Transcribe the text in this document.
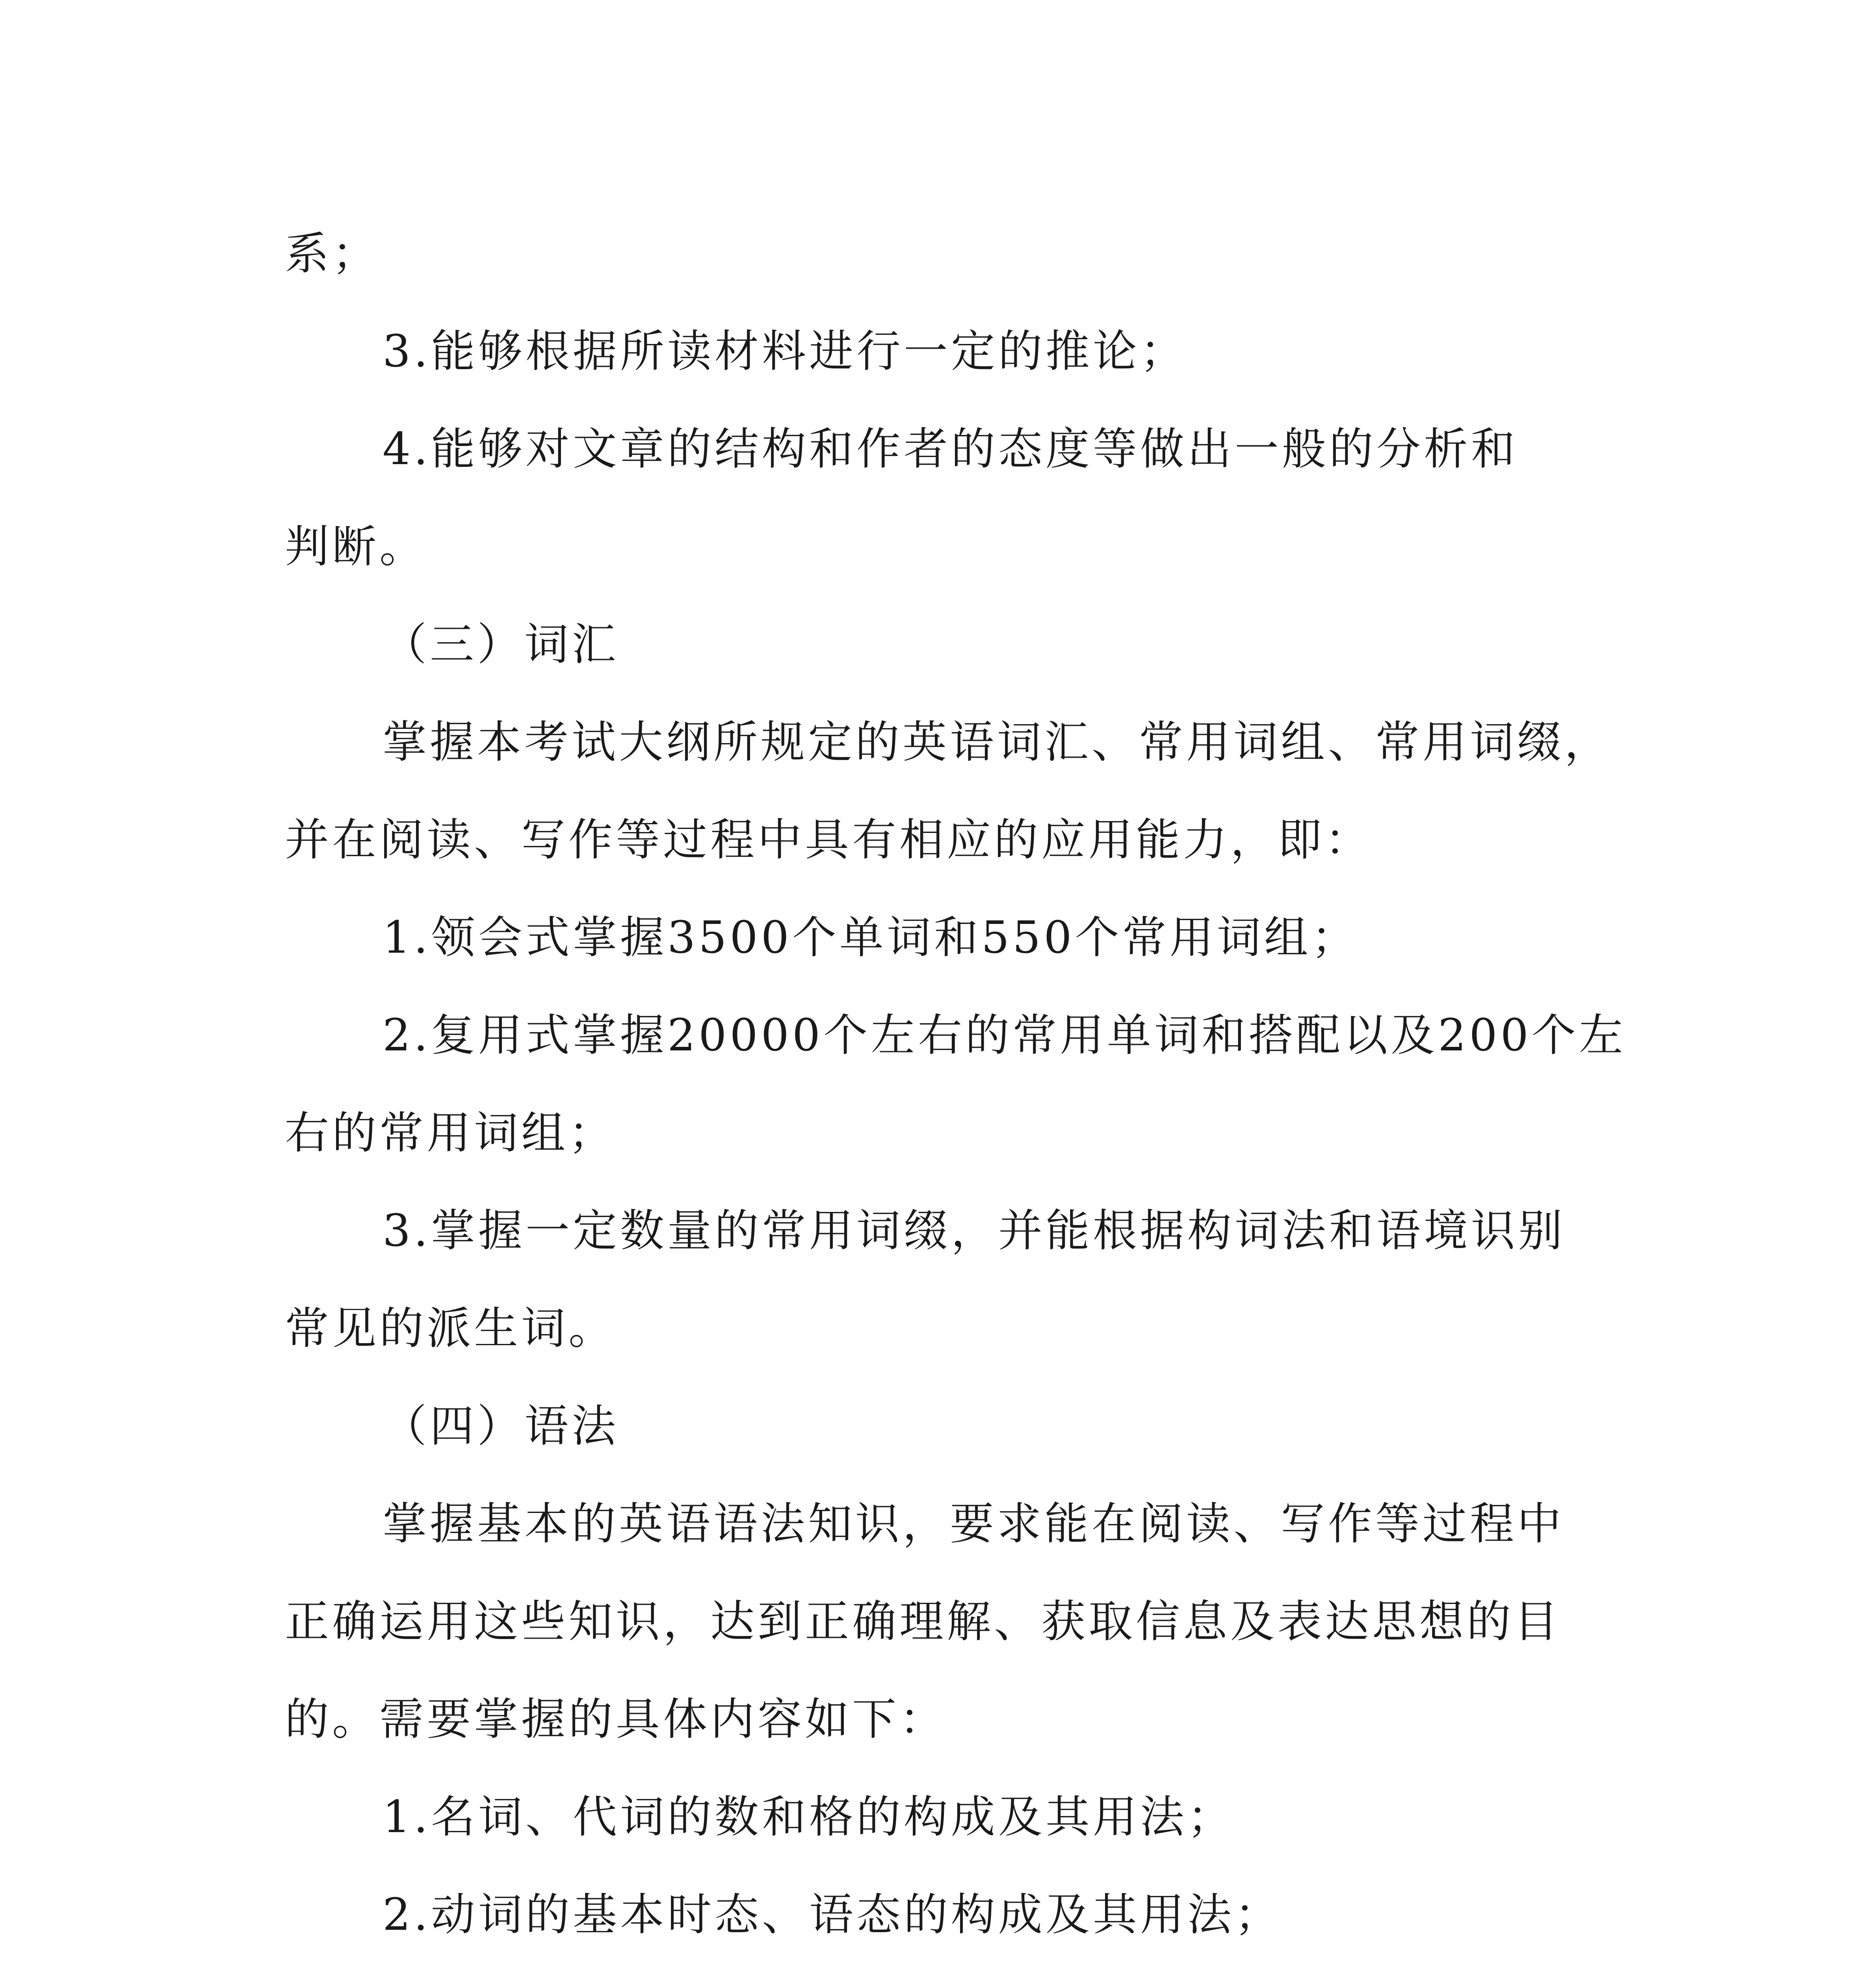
系；

3.能够根据所读材料进行一定的推论；

4.能够对文章的结构和作者的态度等做出一般的分析和

判断。

（三）词汇

掌握本考试大纲所规定的英语词汇、常用词组、常用词缀，

并在阅读、写作等过程中具有相应的应用能力，即：

1.领会式掌握3500个单词和550个常用词组；

2.复用式掌握20000个左右的常用单词和搭配以及200个左

右的常用词组；

3.掌握一定数量的常用词缀，并能根据构词法和语境识别

常见的派生词。

（四）语法

掌握基本的英语语法知识，要求能在阅读、写作等过程中

正确运用这些知识，达到正确理解、获取信息及表达思想的目

的。需要掌握的具体内容如下：

1.名词、代词的数和格的构成及其用法；

2.动词的基本时态、语态的构成及其用法；
